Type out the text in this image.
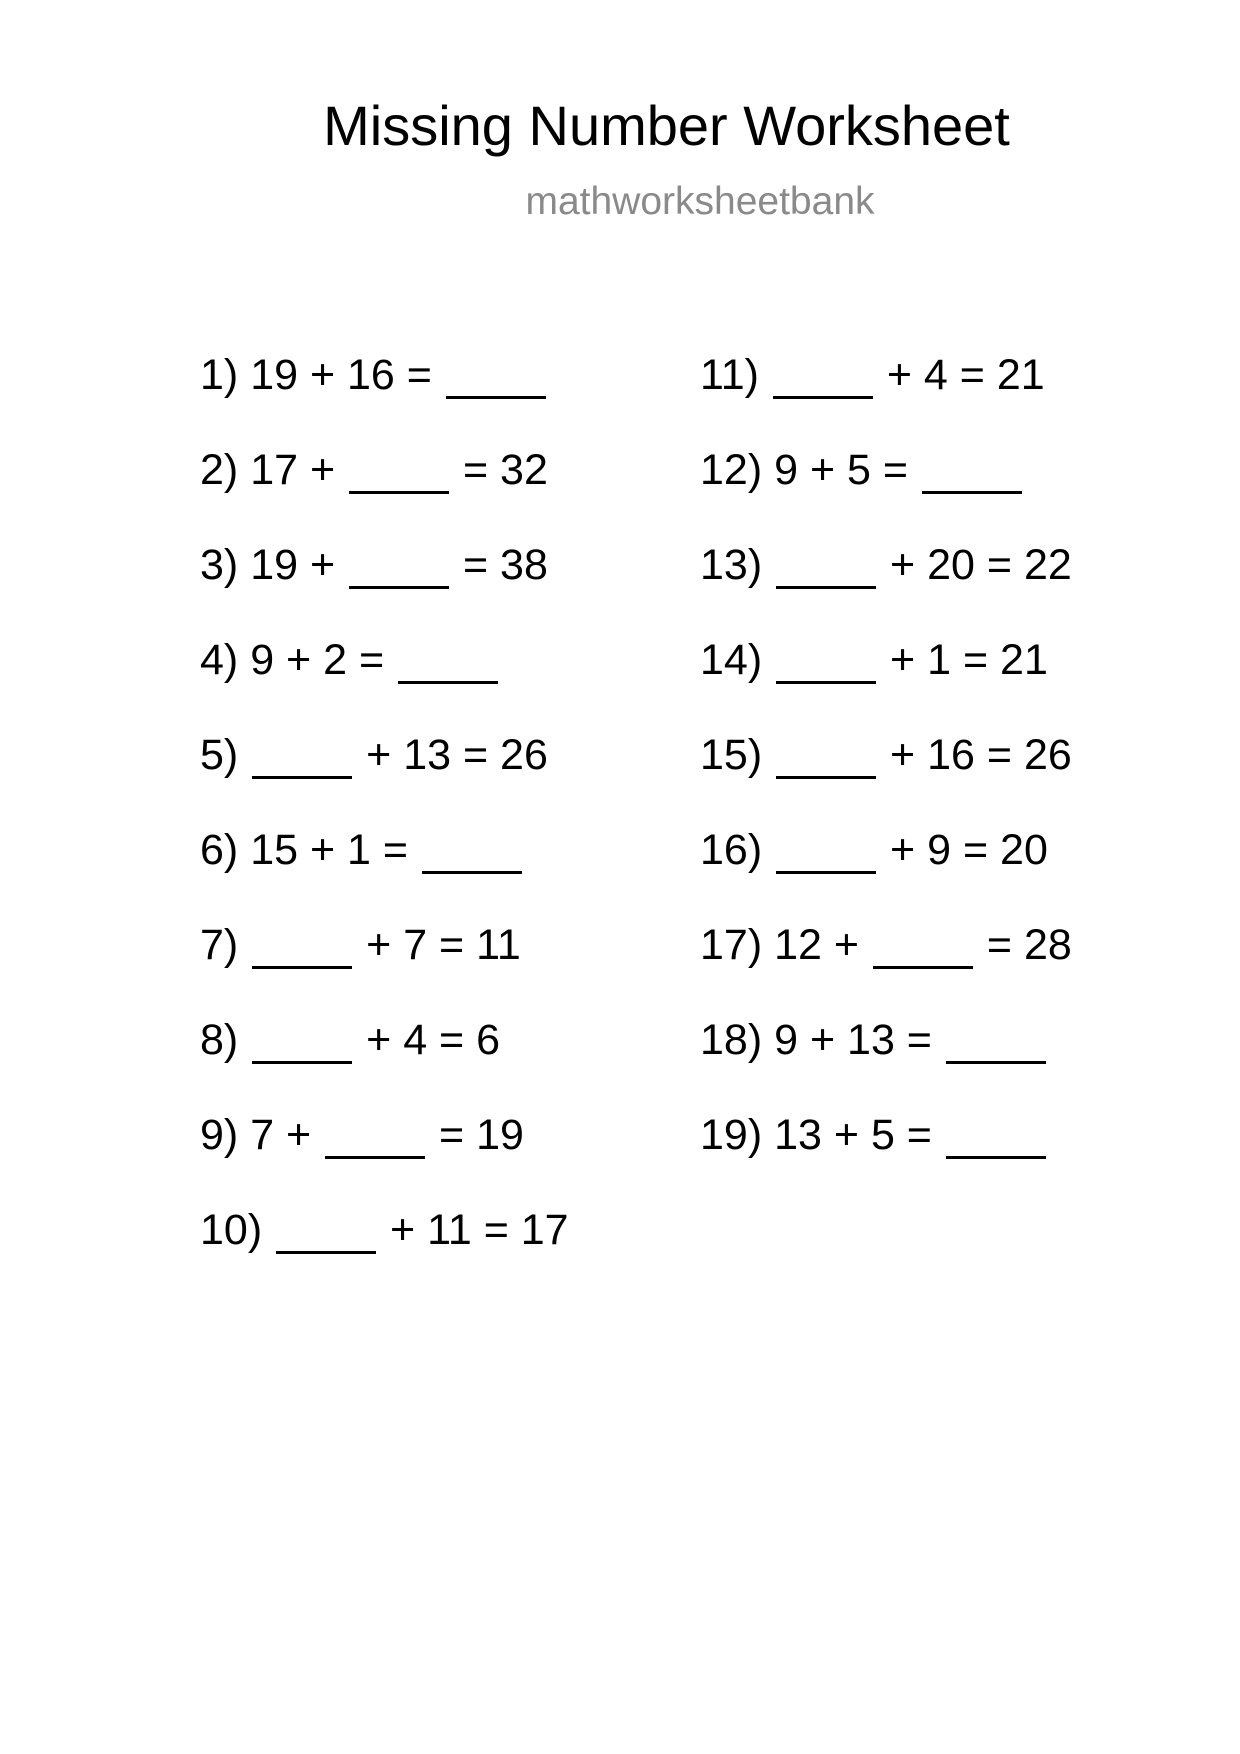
Missing Number Worksheet
mathworksheetbank
1) 19 + 16 =
2) 17 +  = 32
3) 19 +  = 38
4) 9 + 2 =
5)	+ 13 = 26
6) 15 + 1 =
7)	+ 7 = 11
8)	+ 4 = 6
9) 7 +  = 19
10)	+ 11 = 17
11)	+ 4 = 21
12) 9 + 5 =
13)	+ 20 = 22
14)	+ 1 = 21
15)	+ 16 = 26
16)	+ 9 = 20
17) 12 +  = 28
18) 9 + 13 =
19) 13 + 5 =
